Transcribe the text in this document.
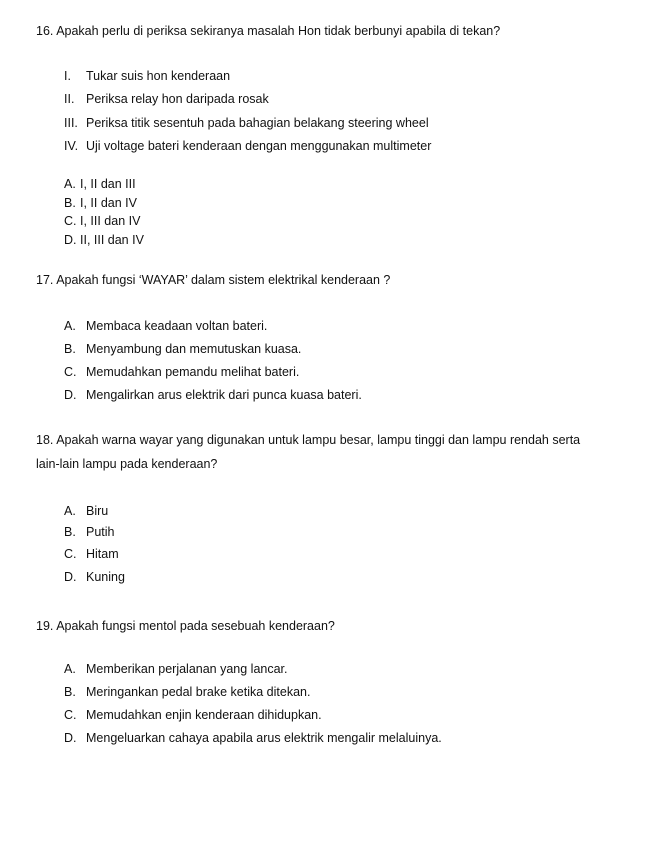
16. Apakah perlu di periksa sekiranya masalah Hon tidak berbunyi apabila di tekan?
I. Tukar suis hon kenderaan
II. Periksa relay hon daripada rosak
III. Periksa titik sesentuh pada bahagian belakang steering wheel
IV. Uji voltage bateri kenderaan dengan menggunakan multimeter
A. I, II dan III
B. I, II dan IV
C. I, III dan IV
D. II, III dan IV
17. Apakah fungsi ‘WAYAR’ dalam sistem elektrikal kenderaan ?
A. Membaca keadaan voltan bateri.
B. Menyambung dan memutuskan kuasa.
C. Memudahkan pemandu melihat bateri.
D. Mengalirkan arus elektrik dari punca kuasa bateri.
18. Apakah warna wayar yang digunakan untuk lampu besar, lampu tinggi dan lampu rendah serta
lain-lain lampu pada kenderaan?
A. Biru
B. Putih
C. Hitam
D. Kuning
19. Apakah fungsi mentol pada sesebuah kenderaan?
A. Memberikan perjalanan yang lancar.
B. Meringankan pedal brake ketika ditekan.
C. Memudahkan enjin kenderaan dihidupkan.
D. Mengeluarkan cahaya apabila arus elektrik mengalir melaluinya.
